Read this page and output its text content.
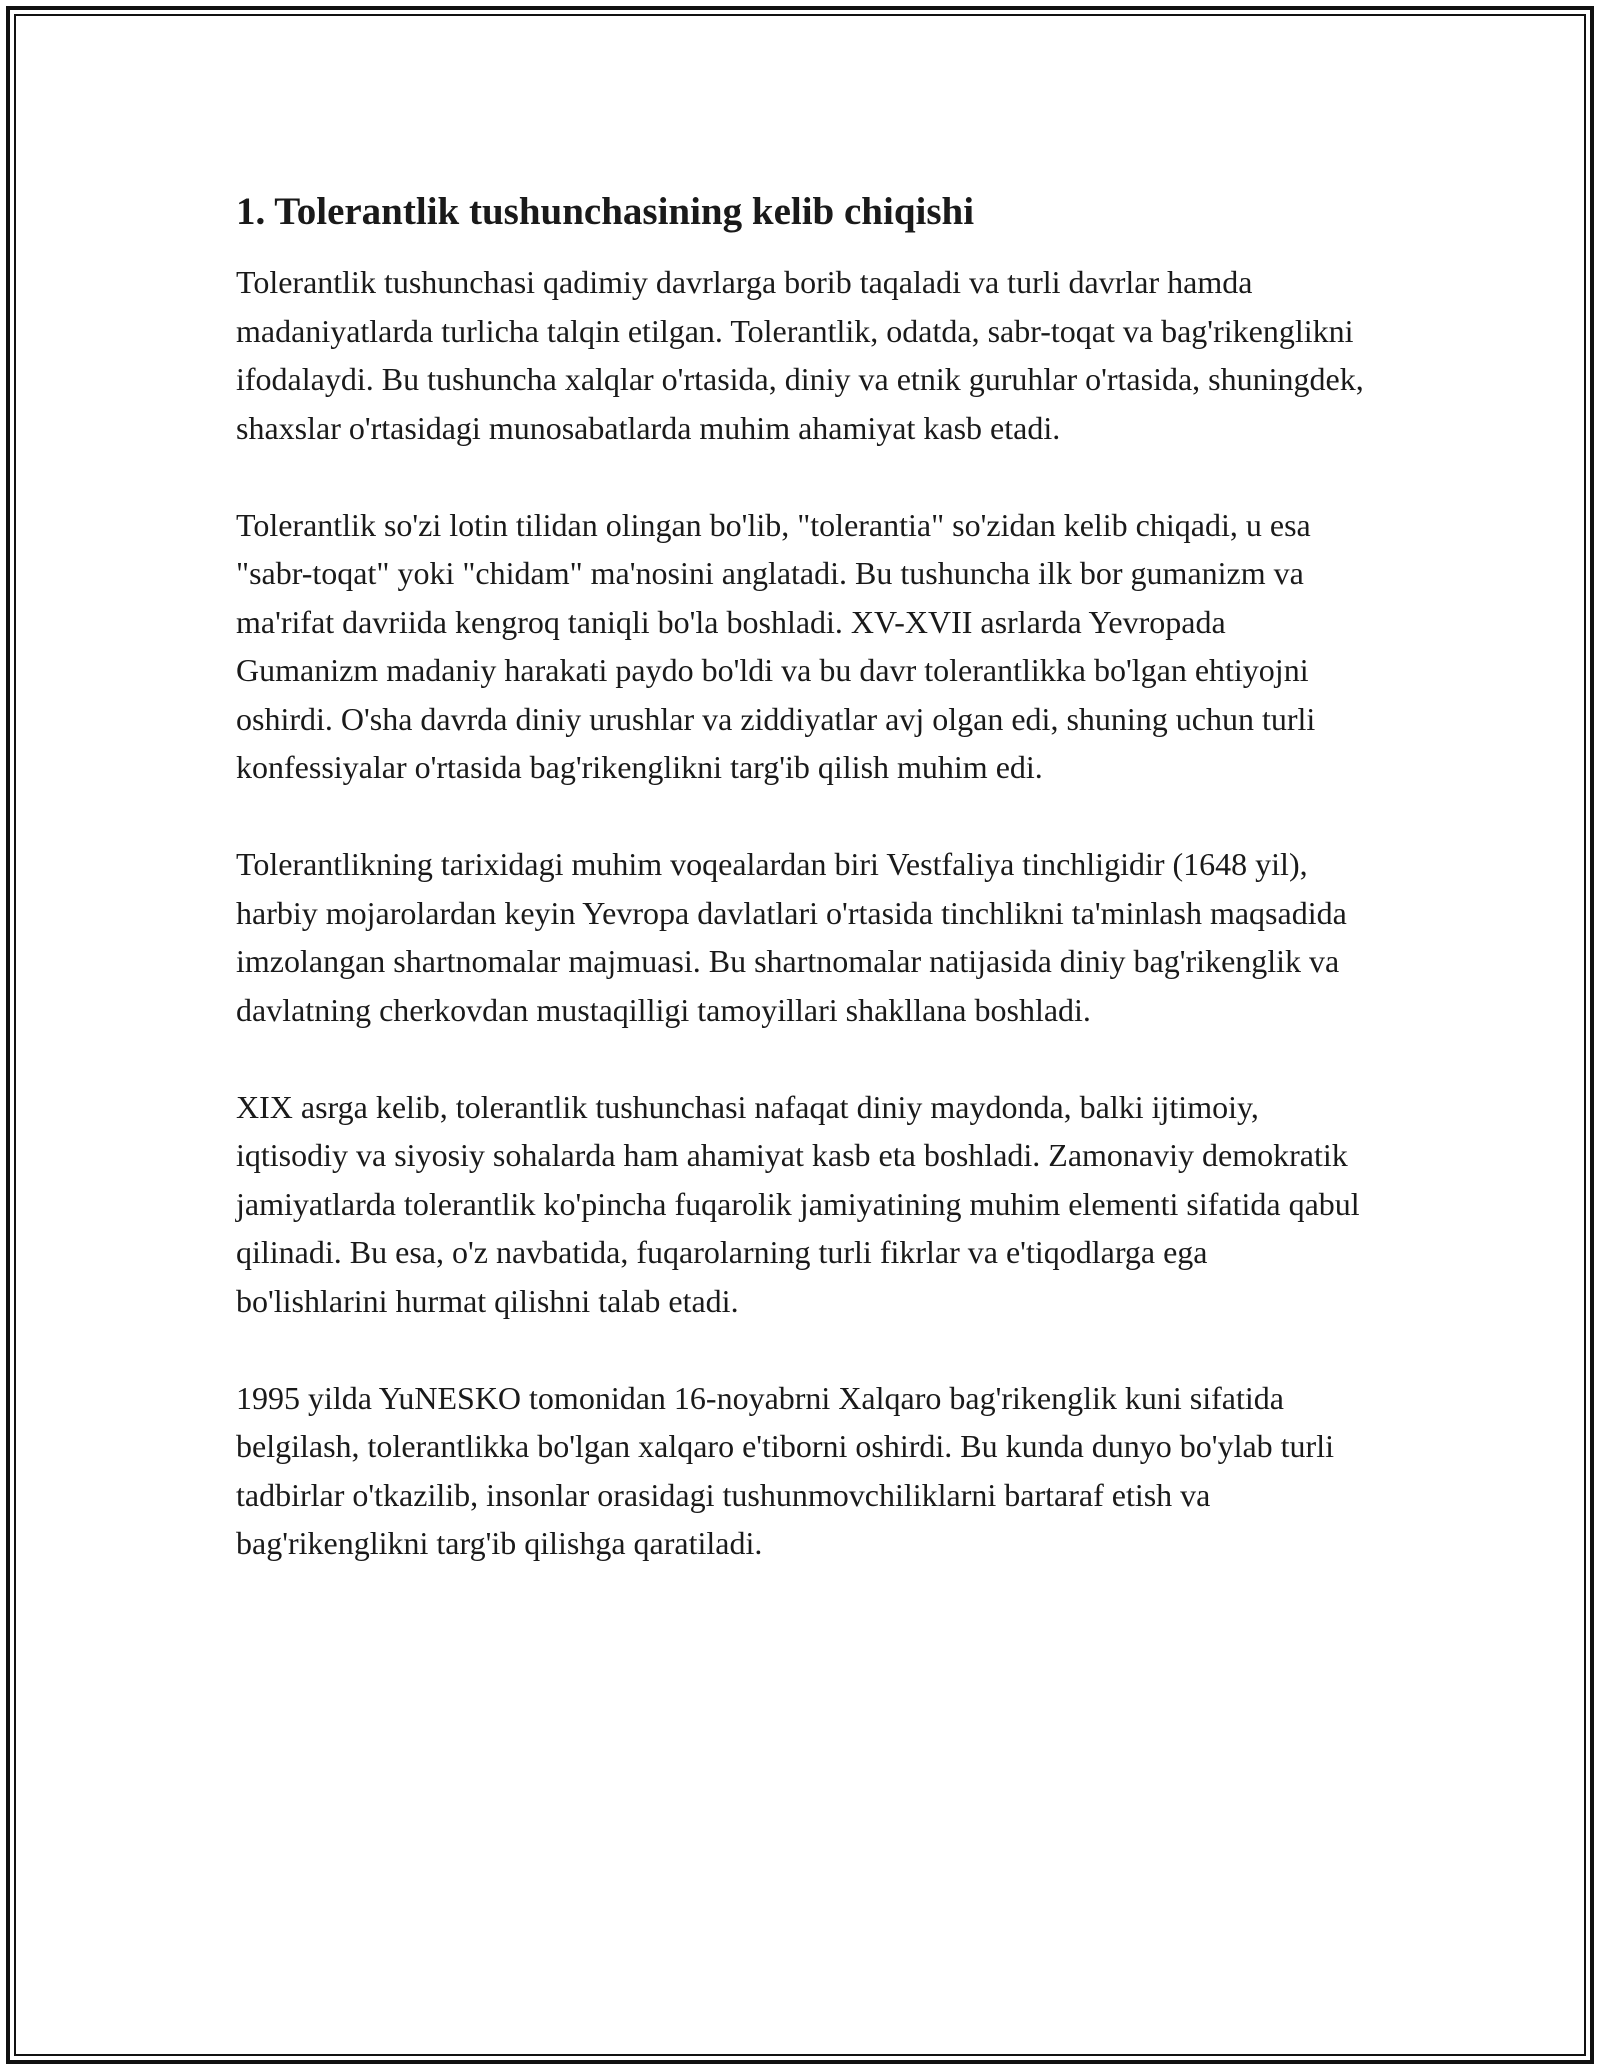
1. Tolerantlik tushunchasining kelib chiqishi

Tolerantlik tushunchasi qadimiy davrlarga borib taqaladi va turli davrlar hamda madaniyatlarda turlicha talqin etilgan. Tolerantlik, odatda, sabr-toqat va bag'rikenglikni ifodalaydi. Bu tushuncha xalqlar o'rtasida, diniy va etnik guruhlar o'rtasida, shuningdek, shaxslar o'rtasidagi munosabatlarda muhim ahamiyat kasb etadi.

Tolerantlik so'zi lotin tilidan olingan bo'lib, "tolerantia" so'zidan kelib chiqadi, u esa "sabr-toqat" yoki "chidam" ma'nosini anglatadi. Bu tushuncha ilk bor gumanizm va ma'rifat davriida kengroq taniqli bo'la boshladi. XV-XVII asrlarda Yevropada Gumanizm madaniy harakati paydo bo'ldi va bu davr tolerantlikka bo'lgan ehtiyojni oshirdi. O'sha davrda diniy urushlar va ziddiyatlar avj olgan edi, shuning uchun turli konfessiyalar o'rtasida bag'rikenglikni targ'ib qilish muhim edi.

Tolerantlikning tarixidagi muhim voqealardan biri Vestfaliya tinchligidir (1648 yil), harbiy mojarolardan keyin Yevropa davlatlari o'rtasida tinchlikni ta'minlash maqsadida imzolangan shartnomalar majmuasi. Bu shartnomalar natijasida diniy bag'rikenglik va davlatning cherkovdan mustaqilligi tamoyillari shakllana boshladi.

XIX asrga kelib, tolerantlik tushunchasi nafaqat diniy maydonda, balki ijtimoiy, iqtisodiy va siyosiy sohalarda ham ahamiyat kasb eta boshladi. Zamonaviy demokratik jamiyatlarda tolerantlik ko'pincha fuqarolik jamiyatining muhim elementi sifatida qabul qilinadi. Bu esa, o'z navbatida, fuqarolarning turli fikrlar va e'tiqodlarga ega bo'lishlarini hurmat qilishni talab etadi.

1995 yilda YuNESKO tomonidan 16-noyabrni Xalqaro bag'rikenglik kuni sifatida belgilash, tolerantlikka bo'lgan xalqaro e'tiborni oshirdi. Bu kunda dunyo bo'ylab turli tadbirlar o'tkazilib, insonlar orasidagi tushunmovchiliklarni bartaraf etish va bag'rikenglikni targ'ib qilishga qaratiladi.
